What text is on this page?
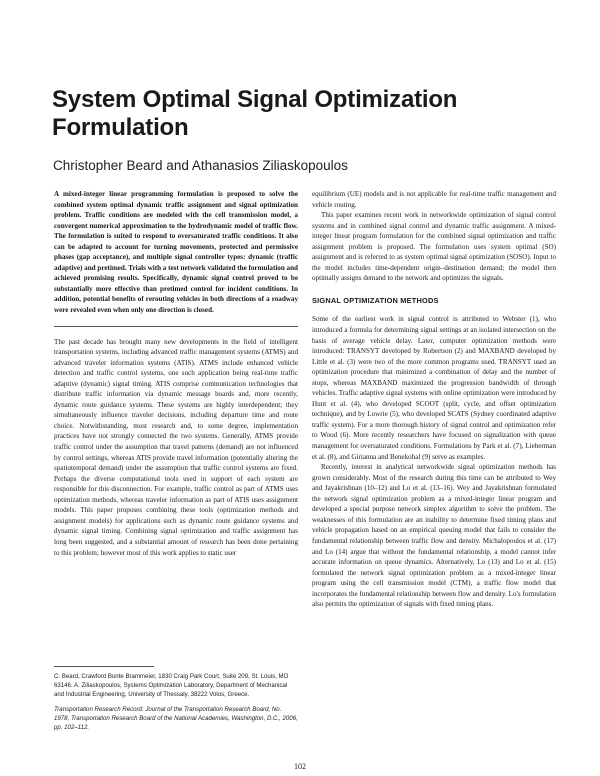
System Optimal Signal Optimization Formulation
Christopher Beard and Athanasios Ziliaskopoulos

A mixed-integer linear programming formulation is proposed to solve the combined system optimal dynamic traffic assignment and signal optimization problem. Traffic conditions are modeled with the cell transmission model, a convergent numerical approximation to the hydrodynamic model of traffic flow. The formulation is suited to respond to oversaturated traffic conditions. It also can be adapted to account for turning movements, protected and permissive phases (gap acceptance), and multiple signal controller types: dynamic (traffic adaptive) and pretimed. Trials with a test network validated the formulation and achieved promising results. Specifically, dynamic signal control proved to be substantially more effective than pretimed control for incident conditions. In addition, potential benefits of rerouting vehicles in both directions of a roadway were revealed even when only one direction is closed.

The past decade has brought many new developments in the field of intelligent transportation systems, including advanced traffic management systems (ATMS) and advanced traveler information systems (ATIS). ATMS include enhanced vehicle detection and traffic control systems, one such application being real-time traffic adaptive (dynamic) signal timing. ATIS comprise communication technologies that distribute traffic information via dynamic message boards and, more recently, dynamic route guidance systems. These systems are highly interdependent; they simultaneously influence traveler decisions, including departure time and route choice. Notwithstanding, most research and, to some degree, implementation practices have not strongly connected the two systems. Generally, ATMS provide traffic control under the assumption that travel patterns (demand) are not influenced by control settings, whereas ATIS provide travel information (potentially altering the spatiotemporal demand) under the assumption that traffic control systems are fixed. Perhaps the diverse computational tools used in support of each system are responsible for this disconnection. For example, traffic control as part of ATMS uses optimization methods, whereas traveler information as part of ATIS uses assignment models. This paper proposes combining these tools (optimization methods and assignment models) for applications such as dynamic route guidance systems and dynamic signal timing. Combining signal optimization and traffic assignment has long been suggested, and a substantial amount of research has been done pertaining to this problem; however most of this work applies to static user

equilibrium (UE) models and is not applicable for real-time traffic management and vehicle routing.

This paper examines recent work in networkwide optimization of signal control systems and in combined signal control and dynamic traffic assignment. A mixed-integer linear program formulation for the combined signal optimization and traffic assignment problem is proposed. The formulation uses system optimal (SO) assignment and is referred to as system optimal signal optimization (SOSO). Input to the model includes time-dependent origin–destination demand; the model then optimally assigns demand to the network and optimizes the signals.

SIGNAL OPTIMIZATION METHODS

Some of the earliest work in signal control is attributed to Webster (1), who introduced a formula for determining signal settings at an isolated intersection on the basis of average vehicle delay. Later, computer optimization methods were introduced: TRANSYT developed by Robertson (2) and MAXBAND developed by Little et al. (3) were two of the more common programs used. TRANSYT used an optimization procedure that minimized a combination of delay and the number of stops, whereas MAXBAND maximized the progression bandwidth of through vehicles. Traffic adaptive signal systems with online optimization were introduced by Hunt et al. (4), who developed SCOOT (split, cycle, and offset optimization technique), and by Lowrie (5), who developed SCATS (Sydney coordinated adaptive traffic system). For a more thorough history of signal control and optimization refer to Wood (6). More recently researchers have focused on signalization with queue management for oversaturated conditions. Formulations by Park et al. (7), Lieberman et al. (8), and Girianna and Benekohal (9) serve as examples.

Recently, interest in analytical networkwide signal optimization methods has grown considerably. Most of the research during this time can be attributed to Wey and Jayakrishnan (10–12) and Lo et al. (13–16). Wey and Jayakrishnan formulated the network signal optimization problem as a mixed-integer linear program and developed a special purpose network simplex algorithm to solve the problem. The weaknesses of this formulation are an inability to determine fixed timing plans and vehicle propagation based on an empirical queuing model that fails to consider the fundamental relationship between traffic flow and density. Michalopoulos et al. (17) and Lo (14) argue that without the fundamental relationship, a model cannot infer accurate information on queue dynamics. Alternatively, Lo (13) and Lo et al. (15) formulated the network signal optimization problem as a mixed-integer linear program using the cell transmission model (CTM), a traffic flow model that incorporates the fundamental relationship between flow and density. Lo's formulation also permits the optimization of signals with fixed timing plans.

C. Beard, Crawford Bunte Brammeier, 1830 Craig Park Court, Suite 209, St. Louis, MO 63146. A. Ziliaskopoulos, Systems Optimization Laboratory, Department of Mechanical and Industrial Engineering, University of Thessaly, 38222 Volos, Greece.

Transportation Research Record: Journal of the Transportation Research Board, No. 1978, Transportation Research Board of the National Academies, Washington, D.C., 2006, pp. 102–112.

102
